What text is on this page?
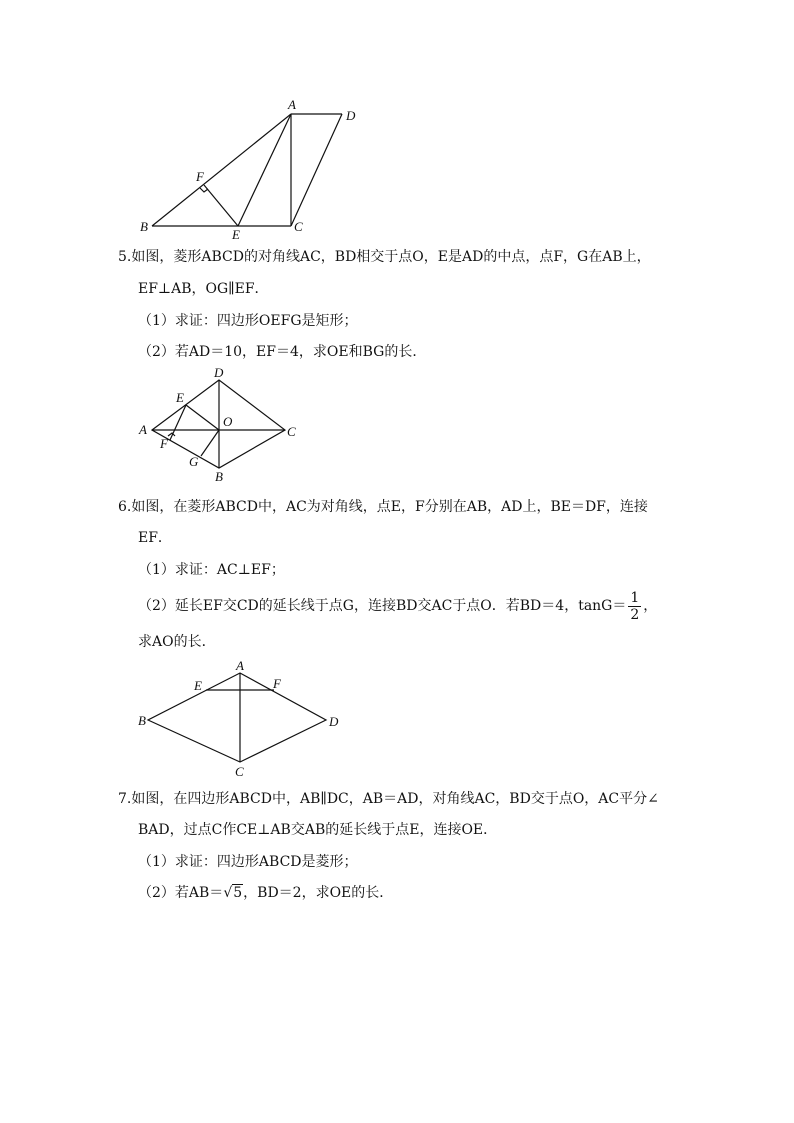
A
D
F
B
E
C
5.如图，菱形ABCD的对角线AC，BD相交于点O，E是AD的中点，点F，G在AB上，
EF⊥AB，OG∥EF．
（1）求证：四边形OEFG是矩形；
（2）若AD＝10，EF＝4，求OE和BG的长．
D
E
O
A	C
F
G
B
6.如图，在菱形ABCD中，AC为对角线，点E，F分别在AB，AD上，BE＝DF，连接
EF．
（1）求证：AC⊥EF；
（2）延长EF交CD的延长线于点G，连接BD交AC于点O．若BD＝4，$\tan G= \frac{1}{2}$ ，
求AO的长．
A
E	F
B	D
C
7.如图，在四边形ABCD中，AB∥DC，AB＝AD，对角线AC，BD交于点O，AC平分∠
BAD，过点C作CE⊥AB交AB的延长线于点E，连接OE．
（1）求证：四边形ABCD是菱形；
（2）若AB＝√5，BD＝2，求OE的长．
